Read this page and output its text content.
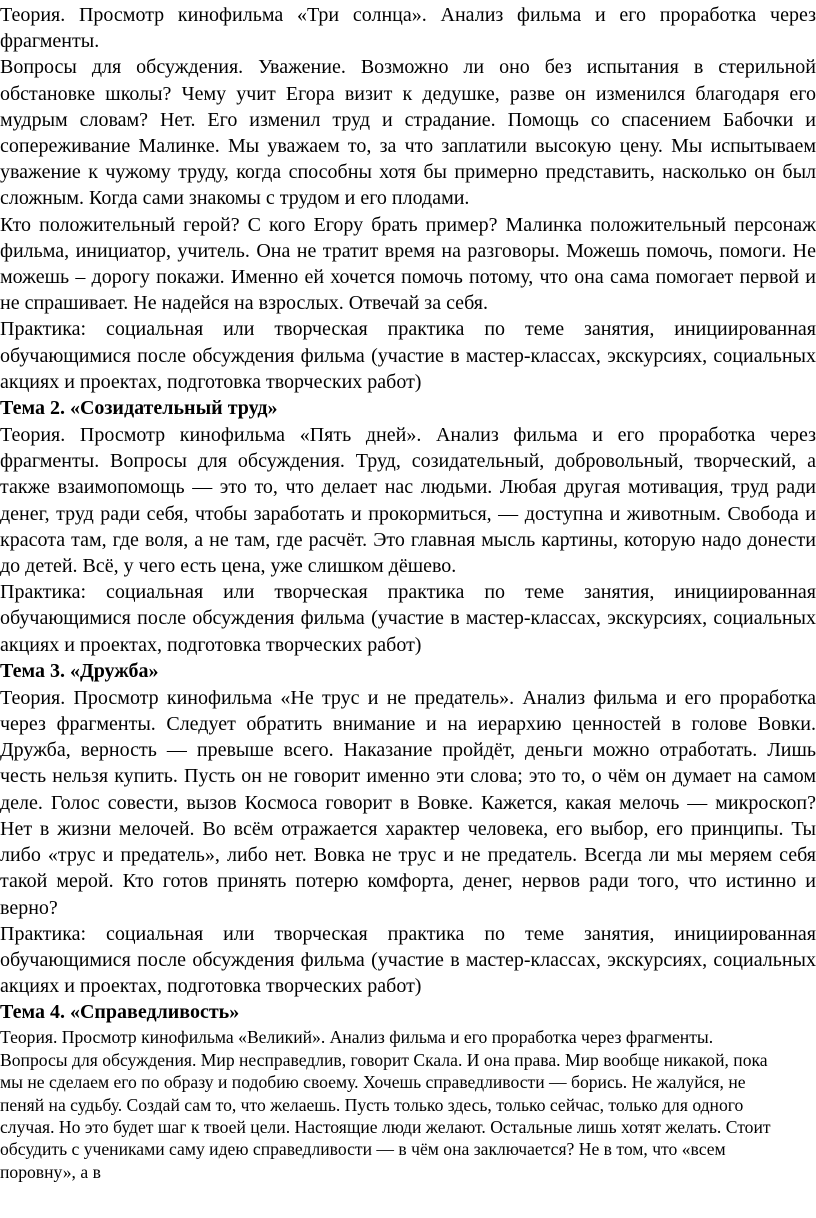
Теория. Просмотр кинофильма «Три солнца». Анализ фильма и его проработка через фрагменты.

Вопросы для обсуждения. Уважение. Возможно ли оно без испытания в стерильной обстановке школы? Чему учит Егора визит к дедушке, разве он изменился благодаря его мудрым словам? Нет. Его изменил труд и страдание. Помощь со спасением Бабочки и сопереживание Малинке. Мы уважаем то, за что заплатили высокую цену. Мы испытываем уважение к чужому труду, когда способны хотя бы примерно представить, насколько он был сложным. Когда сами знакомы с трудом и его плодами.

Кто положительный герой? С кого Егору брать пример? Малинка положительный персонаж фильма, инициатор, учитель. Она не тратит время на разговоры. Можешь помочь, помоги. Не можешь – дорогу покажи. Именно ей хочется помочь потому, что она сама помогает первой и не спрашивает. Не надейся на взрослых. Отвечай за себя.

Практика: социальная или творческая практика по теме занятия, инициированная обучающимися после обсуждения фильма (участие в мастер-классах, экскурсиях, социальных акциях и проектах, подготовка творческих работ)

Тема 2. «Созидательный труд»

Теория. Просмотр кинофильма «Пять дней». Анализ фильма и его проработка через фрагменты. Вопросы для обсуждения. Труд, созидательный, добровольный, творческий, а также взаимопомощь — это то, что делает нас людьми. Любая другая мотивация, труд ради денег, труд ради себя, чтобы заработать и прокормиться, — доступна и животным. Свобода и красота там, где воля, а не там, где расчёт. Это главная мысль картины, которую надо донести до детей. Всё, у чего есть цена, уже слишком дёшево.

Практика: социальная или творческая практика по теме занятия, инициированная обучающимися после обсуждения фильма (участие в мастер-классах, экскурсиях, социальных акциях и проектах, подготовка творческих работ)

Тема 3. «Дружба»

Теория. Просмотр кинофильма «Не трус и не предатель». Анализ фильма и его проработка через фрагменты. Следует обратить внимание и на иерархию ценностей в голове Вовки. Дружба, верность — превыше всего. Наказание пройдёт, деньги можно отработать. Лишь честь нельзя купить. Пусть он не говорит именно эти слова; это то, о чём он думает на самом деле. Голос совести, вызов Космоса говорит в Вовке. Кажется, какая мелочь — микроскоп? Нет в жизни мелочей. Во всём отражается характер человека, его выбор, его принципы. Ты либо «трус и предатель», либо нет. Вовка не трус и не предатель. Всегда ли мы меряем себя такой мерой. Кто готов принять потерю комфорта, денег, нервов ради того, что истинно и верно?

Практика: социальная или творческая практика по теме занятия, инициированная обучающимися после обсуждения фильма (участие в мастер-классах, экскурсиях, социальных акциях и проектах, подготовка творческих работ)

Тема 4. «Справедливость»

Теория. Просмотр кинофильма «Великий». Анализ фильма и его проработка через фрагменты. Вопросы для обсуждения. Мир несправедлив, говорит Скала. И она права. Мир вообще никакой, пока мы не сделаем его по образу и подобию своему. Хочешь справедливости — борись. Не жалуйся, не пеняй на судьбу. Создай сам то, что желаешь. Пусть только здесь, только сейчас, только для одного случая. Но это будет шаг к твоей цели. Настоящие люди желают. Остальные лишь хотят желать. Стоит обсудить с учениками саму идею справедливости — в чём она заключается? Не в том, что «всем поровну», а в
